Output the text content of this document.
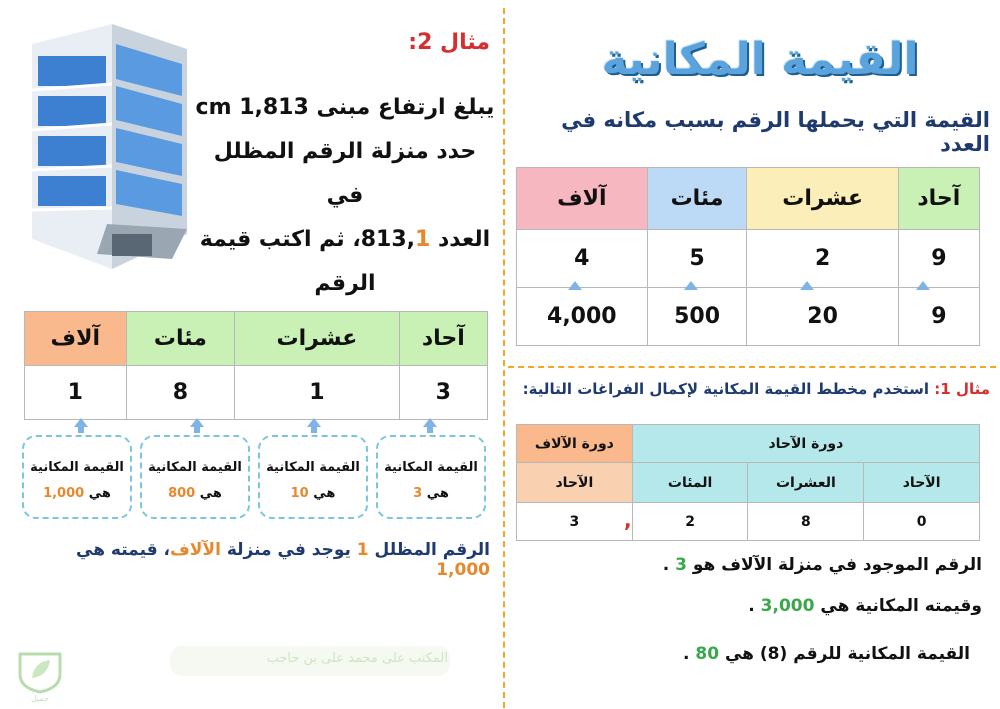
القيمة المكانية
القيمة التي يحملها الرقم بسبب مكانه في العدد
آحاد	عشرات	مئات	آلاف
9	2	5	4
9	20	500	4,000
مثال 1: استخدم مخطط القيمة المكانية لإكمال الفراغات التالية:
دورة الآحاد			دورة الآلاف
الآحاد	العشرات	المئات	الآحاد
0	8	2	3 ,
الرقم الموجود في منزلة الآلاف هو 3 .
وقيمته المكانية هي 3,000 .
القيمة المكانية للرقم (8) هي 80 .
مثال 2:
يبلغ ارتفاع مبنى 1,813 cm
حدد منزلة الرقم المظلل في
العدد 813,1، ثم اكتب قيمة
الرقم
آحاد	عشرات	مئات	آلاف
3	1	8	1
القيمة المكانية
هي 3
القيمة المكانية
هي 10
القيمة المكانية
هي 800
القيمة المكانية
هي 1,000
الرقم المظلل 1 يوجد في منزلة الآلاف، قيمته هي 1,000
المكتب على محمد على بن حاجب
جميل
